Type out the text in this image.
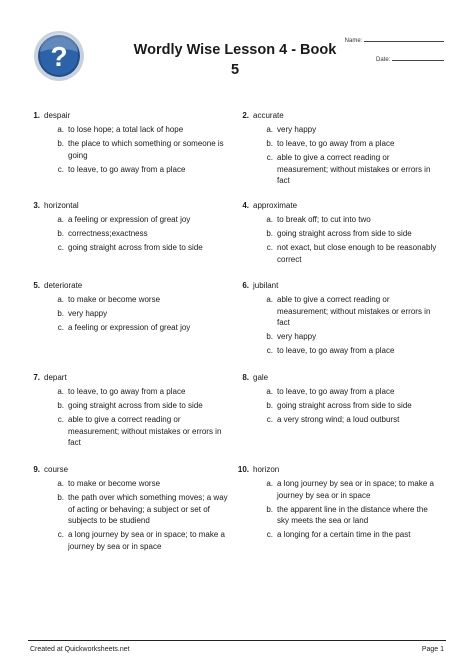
?	Wordly Wise Lesson 4 - Book
5
Name:
Date:
1. despair
a. to lose hope; a total lack of hope
b. the place to which something or someone is going
c. to leave, to go away from a place
2. accurate
a. very happy
b. to leave, to go away from a place
c. able to give a correct reading or measurement; without mistakes or errors in fact
3. horizontal
a. a feeling or expression of great joy
b. correctness;exactness
c. going straight across from side to side
4. approximate
a. to break off; to cut into two
b. going straight across from side to side
c. not exact, but close enough to be reasonably correct
5. deteriorate
a. to make or become worse
b. very happy
c. a feeling or expression of great joy
6. jubilant
a. able to give a correct reading or measurement; without mistakes or errors in fact
b. very happy
c. to leave, to go away from a place
7. depart
a. to leave, to go away from a place
b. going straight across from side to side
c. able to give a correct reading or measurement; without mistakes or errors in fact
8. gale
a. to leave, to go away from a place
b. going straight across from side to side
c. a very strong wind; a loud outburst
9. course
a. to make or become worse
b. the path over which something moves; a way of acting or behaving; a subject or set of subjects to be studiend
c. a long journey by sea or in space; to make a journey by sea or in space
10. horizon
a. a long journey by sea or in space; to make a journey by sea or in space
b. the apparent line in the distance where the sky meets the sea or land
c. a longing for a certain time in the past
Created at Quickworksheets.net	Page 1
